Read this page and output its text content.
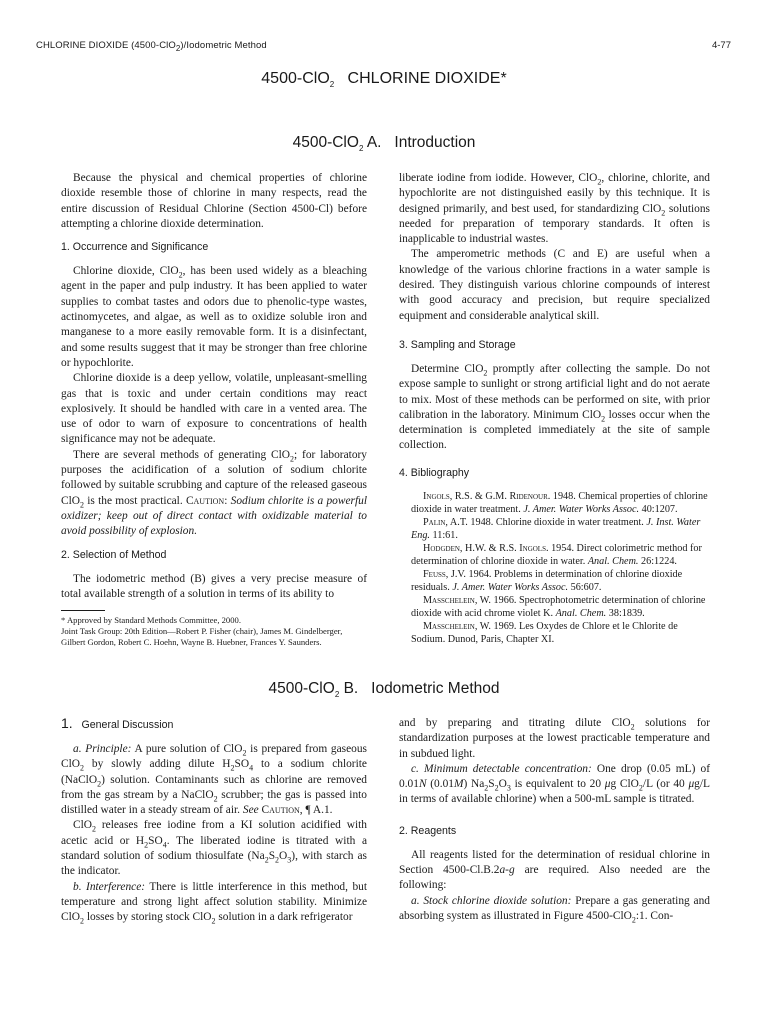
CHLORINE DIOXIDE (4500-ClO$_2$)/Iodometric Method	4-77
4500-ClO$_2$   CHLORINE DIOXIDE*
4500-ClO$_2$ A.   Introduction

Because the physical and chemical properties of chlorine dioxide resemble those of chlorine in many respects, read the entire discussion of Residual Chlorine (Section 4500-Cl) before attempting a chlorine dioxide determination.

1. Occurrence and Significance

Chlorine dioxide, ClO$_2$, has been used widely as a bleaching agent in the paper and pulp industry. It has been applied to water supplies to combat tastes and odors due to phenolic-type wastes, actinomycetes, and algae, as well as to oxidize soluble iron and manganese to a more easily removable form. It is a disinfectant, and some results suggest that it may be stronger than free chlorine or hypochlorite.

Chlorine dioxide is a deep yellow, volatile, unpleasant-smelling gas that is toxic and under certain conditions may react explosively. It should be handled with care in a vented area. The use of odor to warn of exposure to concentrations of health significance may not be adequate.

There are several methods of generating ClO$_2$; for laboratory purposes the acidification of a solution of sodium chlorite followed by suitable scrubbing and capture of the released gaseous ClO$_2$ is the most practical. Caution: Sodium chlorite is a powerful oxidizer; keep out of direct contact with oxidizable material to avoid possibility of explosion.

2. Selection of Method

The iodometric method (B) gives a very precise measure of total available strength of a solution in terms of its ability to

liberate iodine from iodide. However, ClO$_2$, chlorine, chlorite, and hypochlorite are not distinguished easily by this technique. It is designed primarily, and best used, for standardizing ClO$_2$ solutions needed for preparation of temporary standards. It often is inapplicable to industrial wastes.

The amperometric methods (C and E) are useful when a knowledge of the various chlorine fractions in a water sample is desired. They distinguish various chlorine compounds of interest with good accuracy and precision, but require specialized equipment and considerable analytical skill.

3. Sampling and Storage

Determine ClO$_2$ promptly after collecting the sample. Do not expose sample to sunlight or strong artificial light and do not aerate to mix. Most of these methods can be performed on site, with prior calibration in the laboratory. Minimum ClO$_2$ losses occur when the determination is completed immediately at the site of sample collection.

4. Bibliography

Ingols, R.S. & G.M. Ridenour. 1948. Chemical properties of chlorine dioxide in water treatment. J. Amer. Water Works Assoc. 40:1207.

Palin, A.T. 1948. Chlorine dioxide in water treatment. J. Inst. Water Eng. 11:61.

Hodgden, H.W. & R.S. Ingols. 1954. Direct colorimetric method for determination of chlorine dioxide in water. Anal. Chem. 26:1224.

Feuss, J.V. 1964. Problems in determination of chlorine dioxide residuals. J. Amer. Water Works Assoc. 56:607.

Masschelein, W. 1966. Spectrophotometric determination of chlorine dioxide with acid chrome violet K. Anal. Chem. 38:1839.

Masschelein, W. 1969. Les Oxydes de Chlore et le Chlorite de Sodium. Dunod, Paris, Chapter XI.

* Approved by Standard Methods Committee, 2000.
Joint Task Group: 20th Edition—Robert P. Fisher (chair), James M. Gindelberger, Gilbert Gordon, Robert C. Hoehn, Wayne B. Huebner, Frances Y. Saunders.
4500-ClO$_2$ B.   Iodometric Method
1. General Discussion

a. Principle: A pure solution of ClO$_2$ is prepared from gaseous ClO$_2$ by slowly adding dilute $H_2SO_4$ to a sodium chlorite (NaClO$_2$) solution. Contaminants such as chlorine are removed from the gas stream by a NaClO$_2$ scrubber; the gas is passed into distilled water in a steady stream of air. See Caution, ¶ A.1.

ClO$_2$ releases free iodine from a KI solution acidified with acetic acid or $H_2SO_4$. The liberated iodine is titrated with a standard solution of sodium thiosulfate $(Na_2S_2O_3)$, with starch as the indicator.

b. Interference: There is little interference in this method, but temperature and strong light affect solution stability. Minimize ClO$_2$ losses by storing stock ClO$_2$ solution in a dark refrigerator

and by preparing and titrating dilute ClO$_2$ solutions for standardization purposes at the lowest practicable temperature and in subdued light.

c. Minimum detectable concentration: One drop (0.05 mL) of 0.01N (0.01M) $Na_2S_2O_3$ is equivalent to 20 μg ClO$_2$/L (or 40 μg/L in terms of available chlorine) when a 500-mL sample is titrated.

2. Reagents

All reagents listed for the determination of residual chlorine in Section 4500-Cl.B.2a-g are required. Also needed are the following:

a. Stock chlorine dioxide solution: Prepare a gas generating and absorbing system as illustrated in Figure 4500-ClO$_2$:1. Con-
